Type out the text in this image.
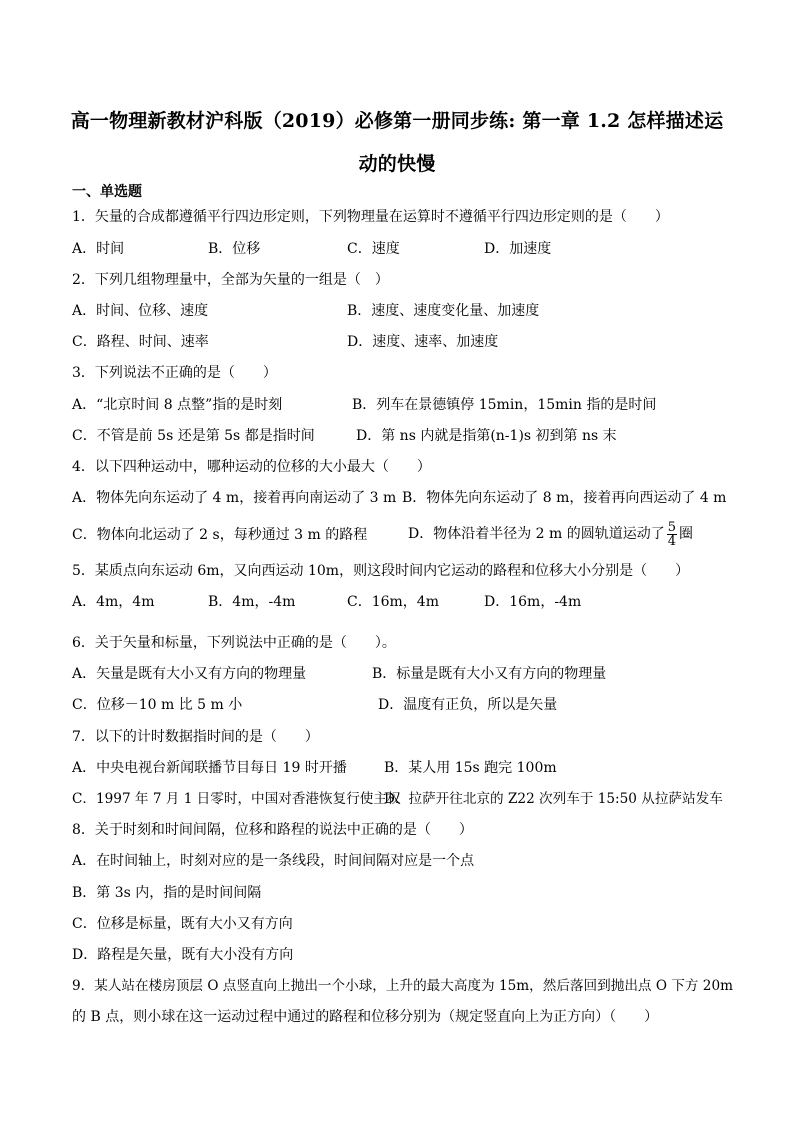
高一物理新教材沪科版（2019）必修第一册同步练: 第一章 1.2 怎样描述运
动的快慢
一、单选题
1．矢量的合成都遵循平行四边形定则，下列物理量在运算时不遵循平行四边形定则的是（　　）
A．时间	B．位移	C．速度	D．加速度
2．下列几组物理量中，全部为矢量的一组是（　）
A．时间、位移、速度	B．速度、速度变化量、加速度
C．路程、时间、速率	D．速度、速率、加速度
3．下列说法不正确的是（　　）
A．“北京时间 8 点整”指的是时刻	B．列车在景德镇停 15min，15min 指的是时间
C．不管是前 5s 还是第 5s 都是指时间	D．第 ns 内就是指第(n-1)s 初到第 ns 末
4．以下四种运动中，哪种运动的位移的大小最大（　　）
A．物体先向东运动了 4 m，接着再向南运动了 3 m B．物体先向东运动了 8 m，接着再向西运动了 4 m
C．物体向北运动了 2 s，每秒通过 3 m 的路程	D．物体沿着半径为 2 m 的圆轨道运动了 $\frac{5}{4}$ 圈
5．某质点向东运动 6m，又向西运动 10m，则这段时间内它运动的路程和位移大小分别是（　　）
A．4m，4m	B．4m，-4m	C．16m，4m	D．16m，-4m
6．关于矢量和标量，下列说法中正确的是（　　）。
A．矢量是既有大小又有方向的物理量	B．标量是既有大小又有方向的物理量
C．位移－10 m 比 5 m 小	D．温度有正负，所以是矢量
7．以下的计时数据指时间的是（　　）
A．中央电视台新闻联播节目每日 19 时开播	B．某人用 15s 跑完 100m
C．1997 年 7 月 1 日零时，中国对香港恢复行使主权
D．拉萨开往北京的 Z22 次列车于 15:50 从拉萨站发车
8．关于时刻和时间间隔，位移和路程的说法中正确的是（　　）
A．在时间轴上，时刻对应的是一条线段，时间间隔对应是一个点
B．第 3s 内，指的是时间间隔
C．位移是标量，既有大小又有方向
D．路程是矢量，既有大小没有方向
9．某人站在楼房顶层 O 点竖直向上抛出一个小球，上升的最大高度为 15m，然后落回到抛出点 O 下方 20m
的 B 点，则小球在这一运动过程中通过的路程和位移分别为（规定竖直向上为正方向）（　　）
